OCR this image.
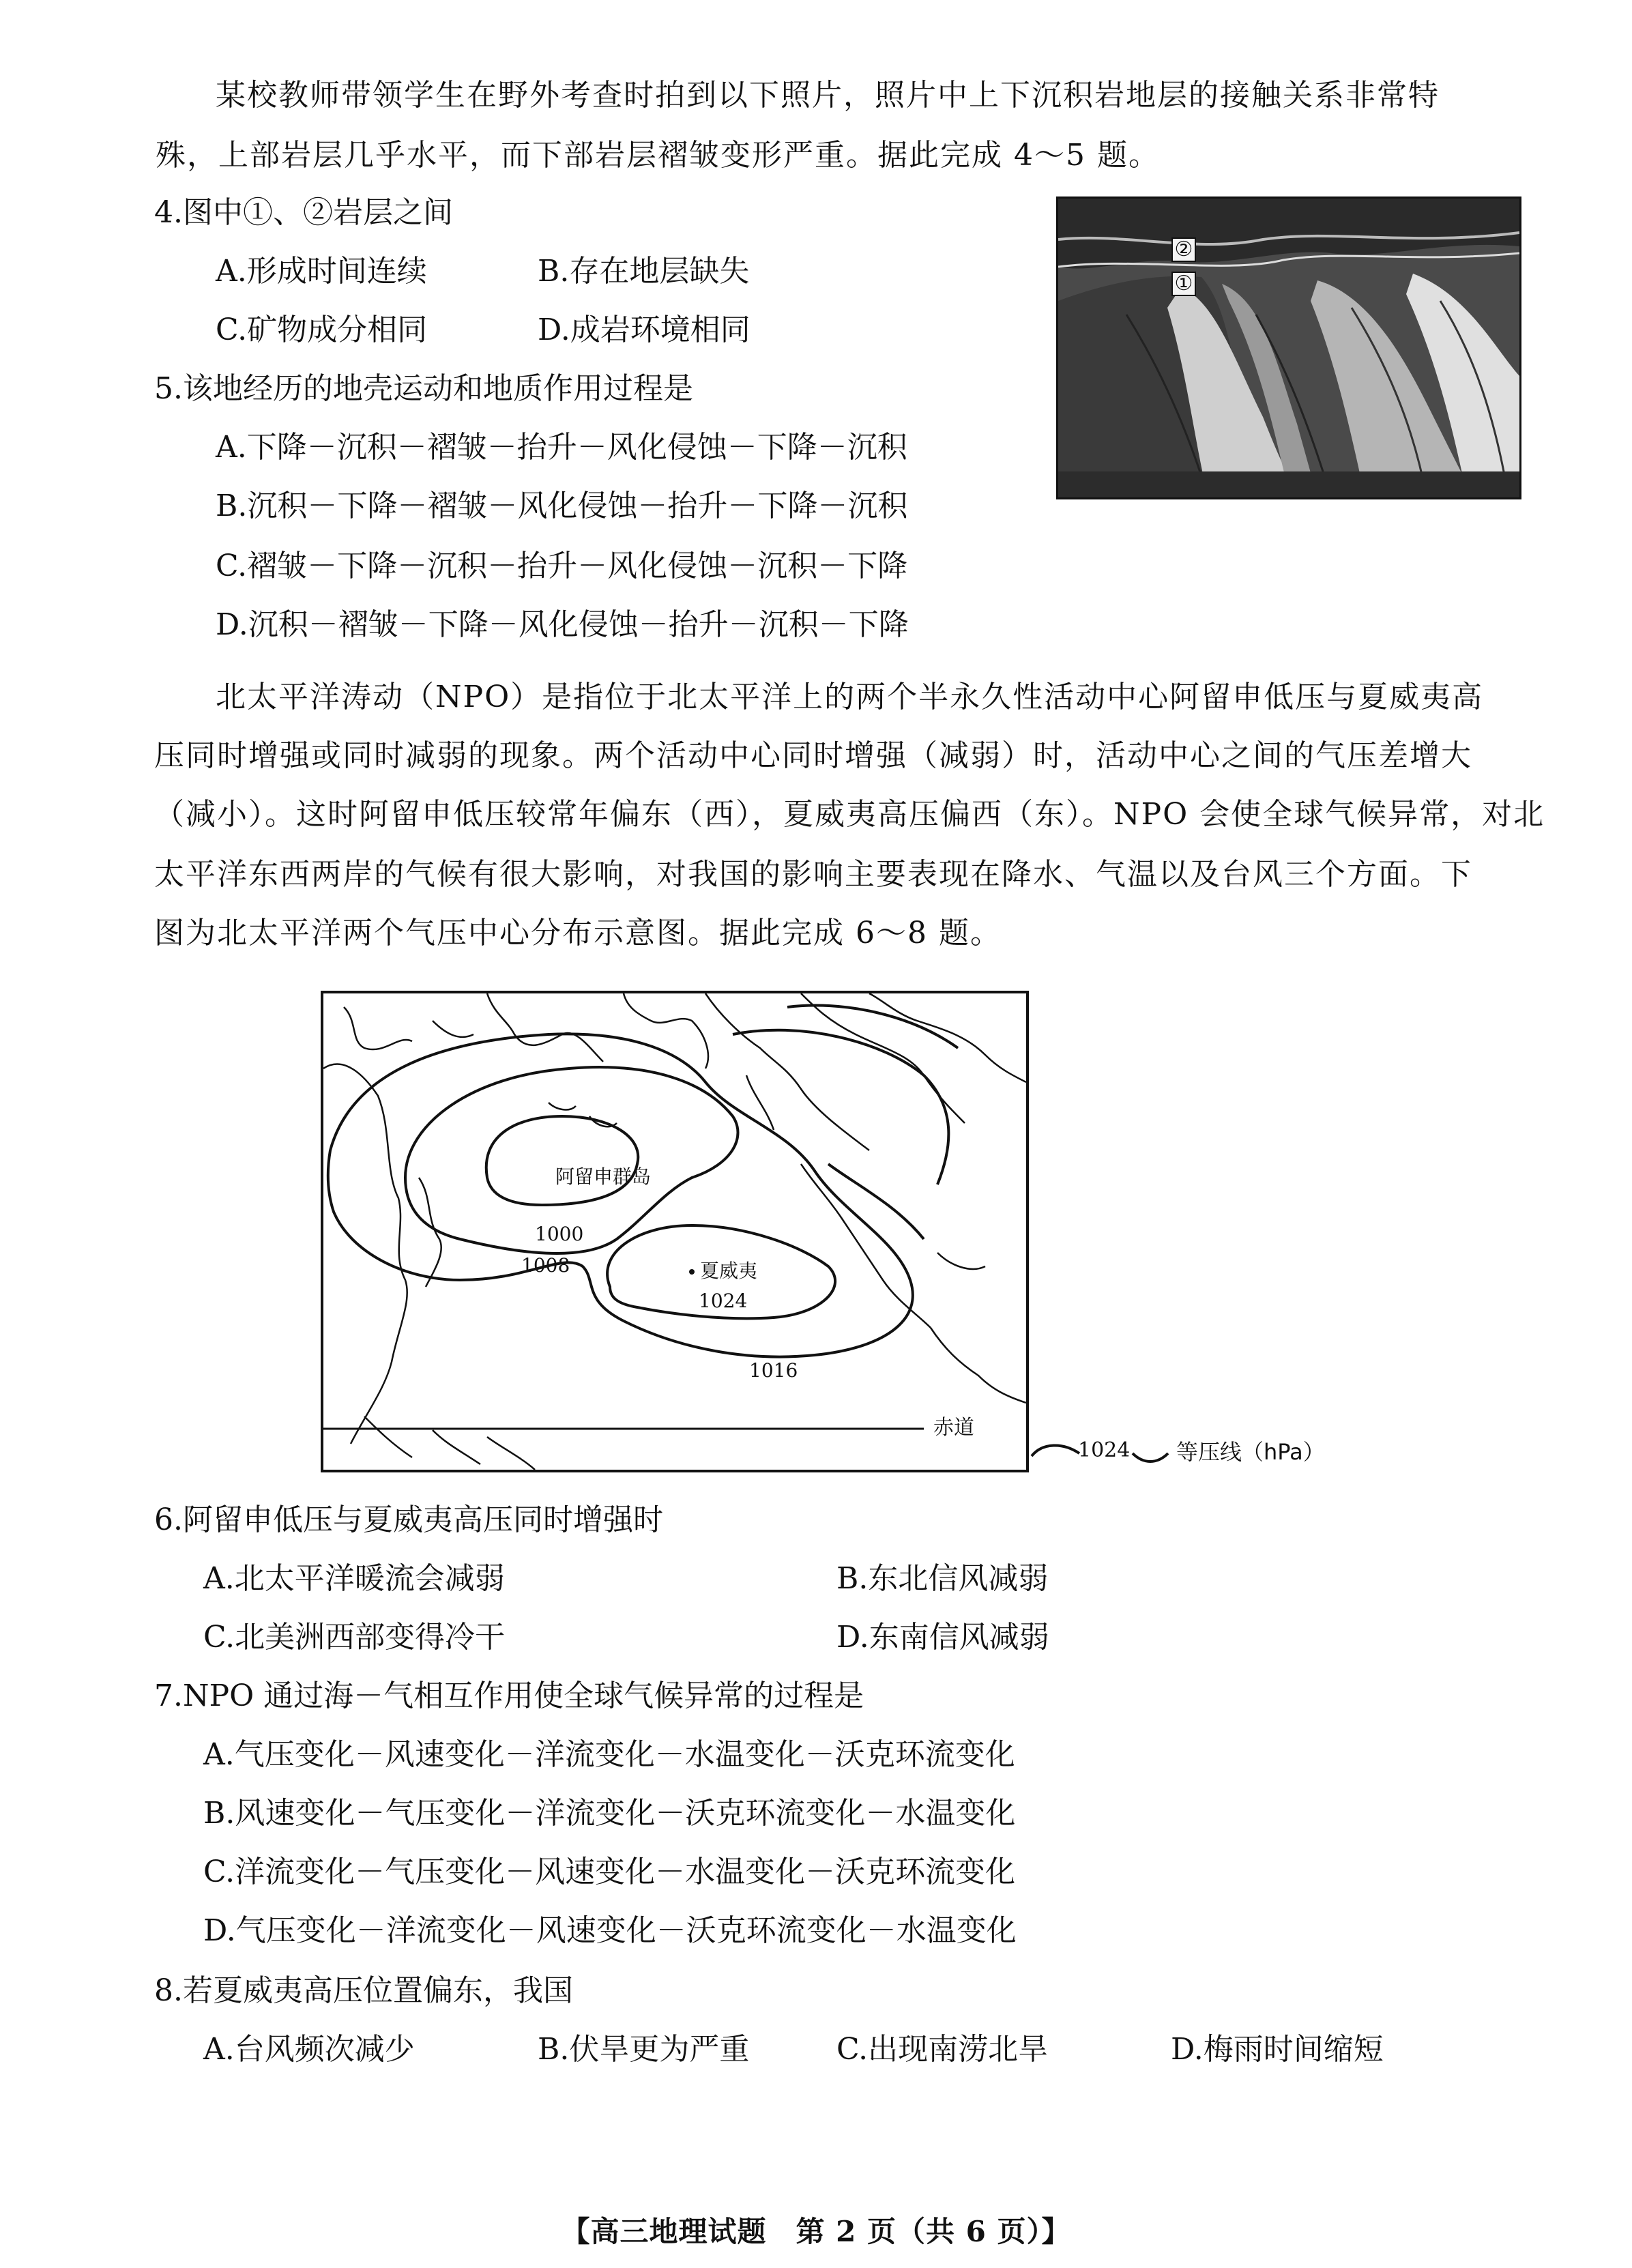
某校教师带领学生在野外考查时拍到以下照片，照片中上下沉积岩地层的接触关系非常特
殊，上部岩层几乎水平，而下部岩层褶皱变形严重。据此完成 4～5 题。
②
①
4.图中①、②岩层之间
A.形成时间连续	B.存在地层缺失
C.矿物成分相同	D.成岩环境相同
5.该地经历的地壳运动和地质作用过程是
A.下降－沉积－褶皱－抬升－风化侵蚀－下降－沉积
B.沉积－下降－褶皱－风化侵蚀－抬升－下降－沉积
C.褶皱－下降－沉积－抬升－风化侵蚀－沉积－下降
D.沉积－褶皱－下降－风化侵蚀－抬升－沉积－下降
北太平洋涛动（NPO）是指位于北太平洋上的两个半永久性活动中心阿留申低压与夏威夷高
压同时增强或同时减弱的现象。两个活动中心同时增强（减弱）时，活动中心之间的气压差增大
（减小）。这时阿留申低压较常年偏东（西），夏威夷高压偏西（东）。NPO 会使全球气候异常，对北
太平洋东西两岸的气候有很大影响，对我国的影响主要表现在降水、气温以及台风三个方面。下
图为北太平洋两个气压中心分布示意图。据此完成 6～8 题。
阿留申群岛
1000
1008	夏威夷
1024
1016
赤道
1024 等压线（hPa）
6.阿留申低压与夏威夷高压同时增强时
A.北太平洋暖流会减弱	B.东北信风减弱
C.北美洲西部变得冷干	D.东南信风减弱
7.NPO 通过海－气相互作用使全球气候异常的过程是
A.气压变化－风速变化－洋流变化－水温变化－沃克环流变化
B.风速变化－气压变化－洋流变化－沃克环流变化－水温变化
C.洋流变化－气压变化－风速变化－水温变化－沃克环流变化
D.气压变化－洋流变化－风速变化－沃克环流变化－水温变化
8.若夏威夷高压位置偏东，我国
A.台风频次减少	B.伏旱更为严重	C.出现南涝北旱	D.梅雨时间缩短
【高三地理试题　第 2 页（共 6 页）】
